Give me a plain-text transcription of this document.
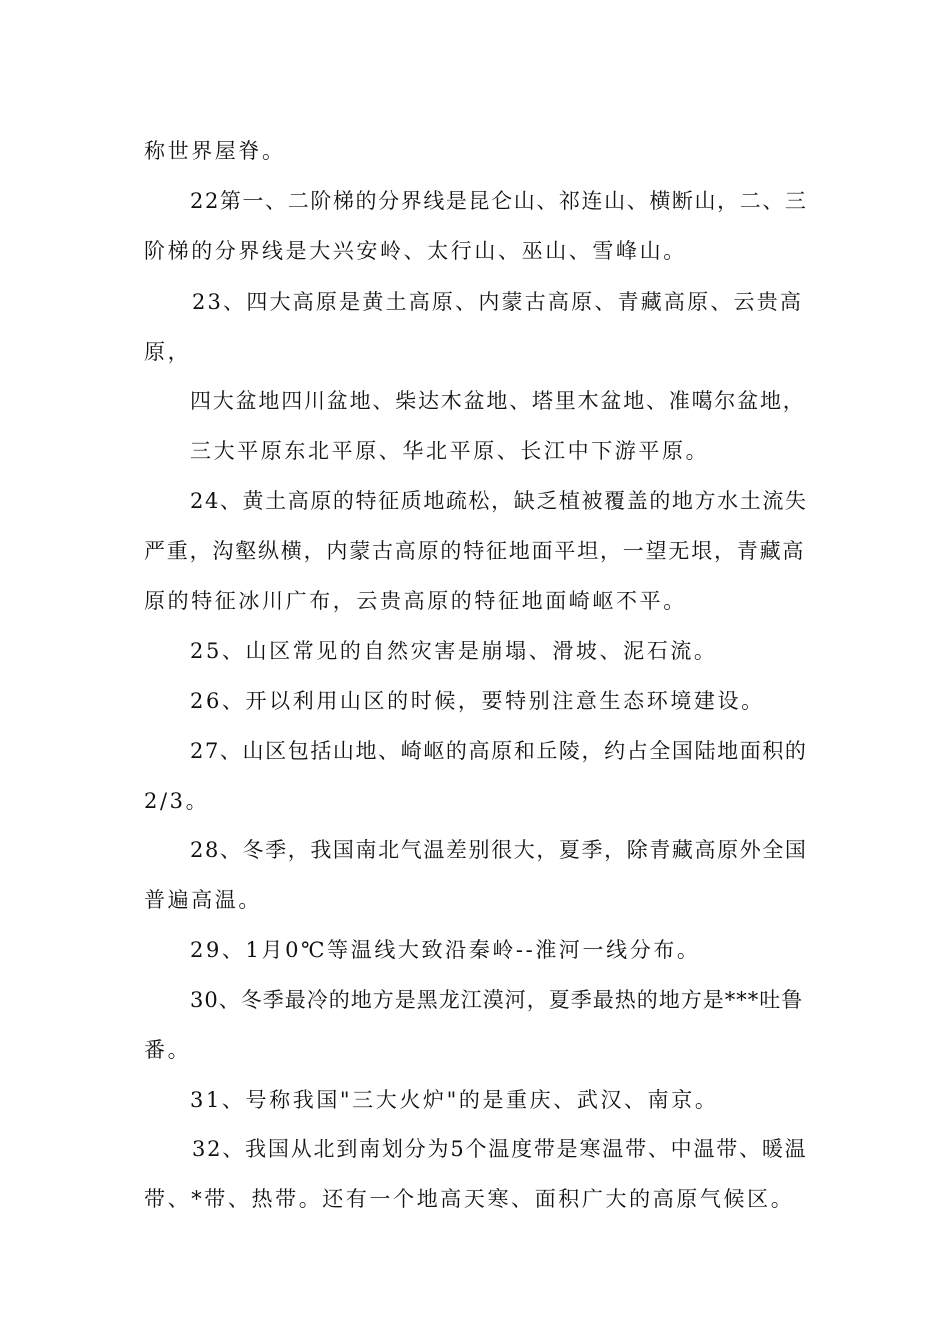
称世界屋脊。
22第一、二阶梯的分界线是昆仑山、祁连山、横断山，二、三
阶梯的分界线是大兴安岭、太行山、巫山、雪峰山。
23、四大高原是黄土高原、内蒙古高原、青藏高原、云贵高
原，
四大盆地四川盆地、柴达木盆地、塔里木盆地、准噶尔盆地，
三大平原东北平原、华北平原、长江中下游平原。
24、黄土高原的特征质地疏松，缺乏植被覆盖的地方水土流失
严重，沟壑纵横，内蒙古高原的特征地面平坦，一望无垠，青藏高
原的特征冰川广布，云贵高原的特征地面崎岖不平。
25、山区常见的自然灾害是崩塌、滑坡、泥石流。
26、开以利用山区的时候，要特别注意生态环境建设。
27、山区包括山地、崎岖的高原和丘陵，约占全国陆地面积的
2/3。
28、冬季，我国南北气温差别很大，夏季，除青藏高原外全国
普遍高温。
29、1月0℃等温线大致沿秦岭--淮河一线分布。
30、冬季最冷的地方是黑龙江漠河，夏季最热的地方是***吐鲁
番。
31、号称我国"三大火炉"的是重庆、武汉、南京。
32、我国从北到南划分为5个温度带是寒温带、中温带、暖温
带、*带、热带。还有一个地高天寒、面积广大的高原气候区。
